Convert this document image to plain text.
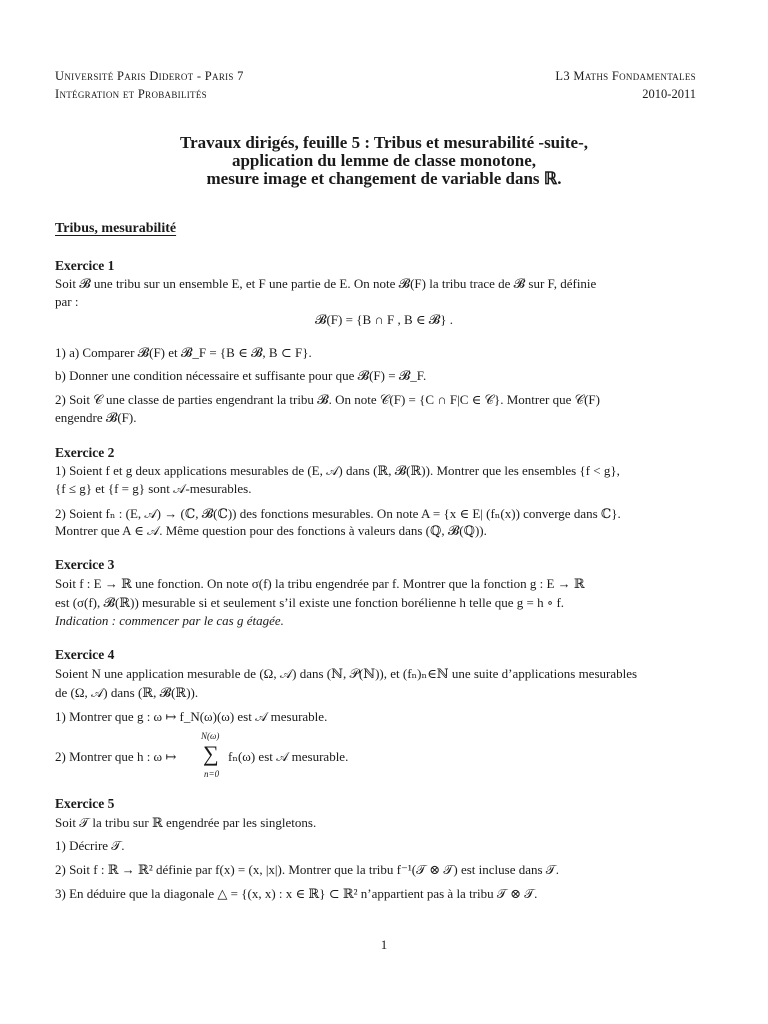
Université Paris Diderot - Paris 7
Intégration et Probabilités
L3 Maths Fondamentales
2010-2011
Travaux dirigés, feuille 5 : Tribus et mesurabilité -suite-,
application du lemme de classe monotone,
mesure image et changement de variable dans ℝ.
Tribus, mesurabilité
Exercice 1
Soit 𝓑 une tribu sur un ensemble E, et F une partie de E. On note 𝓑(F) la tribu trace de 𝓑 sur F, définie
par :
𝓑(F) = {B ∩ F , B ∈ 𝓑} .
1) a) Comparer 𝓑(F) et 𝓑_F = {B ∈ 𝓑, B ⊂ F}.
b) Donner une condition nécessaire et suffisante pour que 𝓑(F) = 𝓑_F.
2) Soit 𝒞 une classe de parties engendrant la tribu 𝓑. On note 𝒞(F) = {C ∩ F|C ∈ 𝒞}. Montrer que 𝒞(F)
engendre 𝓑(F).
Exercice 2
1) Soient f et g deux applications mesurables de (E, 𝒜) dans (ℝ, 𝓑(ℝ)). Montrer que les ensembles {f < g},
{f ≤ g} et {f = g} sont 𝒜-mesurables.
2) Soient fₙ : (E, 𝒜) → (ℂ, 𝓑(ℂ)) des fonctions mesurables. On note A = {x ∈ E| (fₙ(x)) converge dans ℂ}.
Montrer que A ∈ 𝒜. Même question pour des fonctions à valeurs dans (ℚ, 𝓑(ℚ)).
Exercice 3
Soit f : E → ℝ une fonction. On note σ(f) la tribu engendrée par f. Montrer que la fonction g : E → ℝ
est (σ(f), 𝓑(ℝ)) mesurable si et seulement s’il existe une fonction borélienne h telle que g = h ∘ f.
Indication : commencer par le cas g étagée.
Exercice 4
Soient N une application mesurable de (Ω, 𝒜) dans (ℕ, 𝒫(ℕ)), et (fₙ)ₙ∈ℕ une suite d’applications mesurables
de (Ω, 𝒜) dans (ℝ, 𝓑(ℝ)).
1) Montrer que g : ω ↦ f_N(ω)(ω) est 𝒜 mesurable.
2) Montrer que h : ω ↦
N(ω)
∑
n=0
fₙ(ω) est 𝒜 mesurable.
Exercice 5
Soit 𝒯 la tribu sur ℝ engendrée par les singletons.
1) Décrire 𝒯.
2) Soit f : ℝ → ℝ² définie par f(x) = (x, |x|). Montrer que la tribu f⁻¹(𝒯 ⊗ 𝒯) est incluse dans 𝒯.
3) En déduire que la diagonale △ = {(x, x) : x ∈ ℝ} ⊂ ℝ² n’appartient pas à la tribu 𝒯 ⊗ 𝒯.
1
